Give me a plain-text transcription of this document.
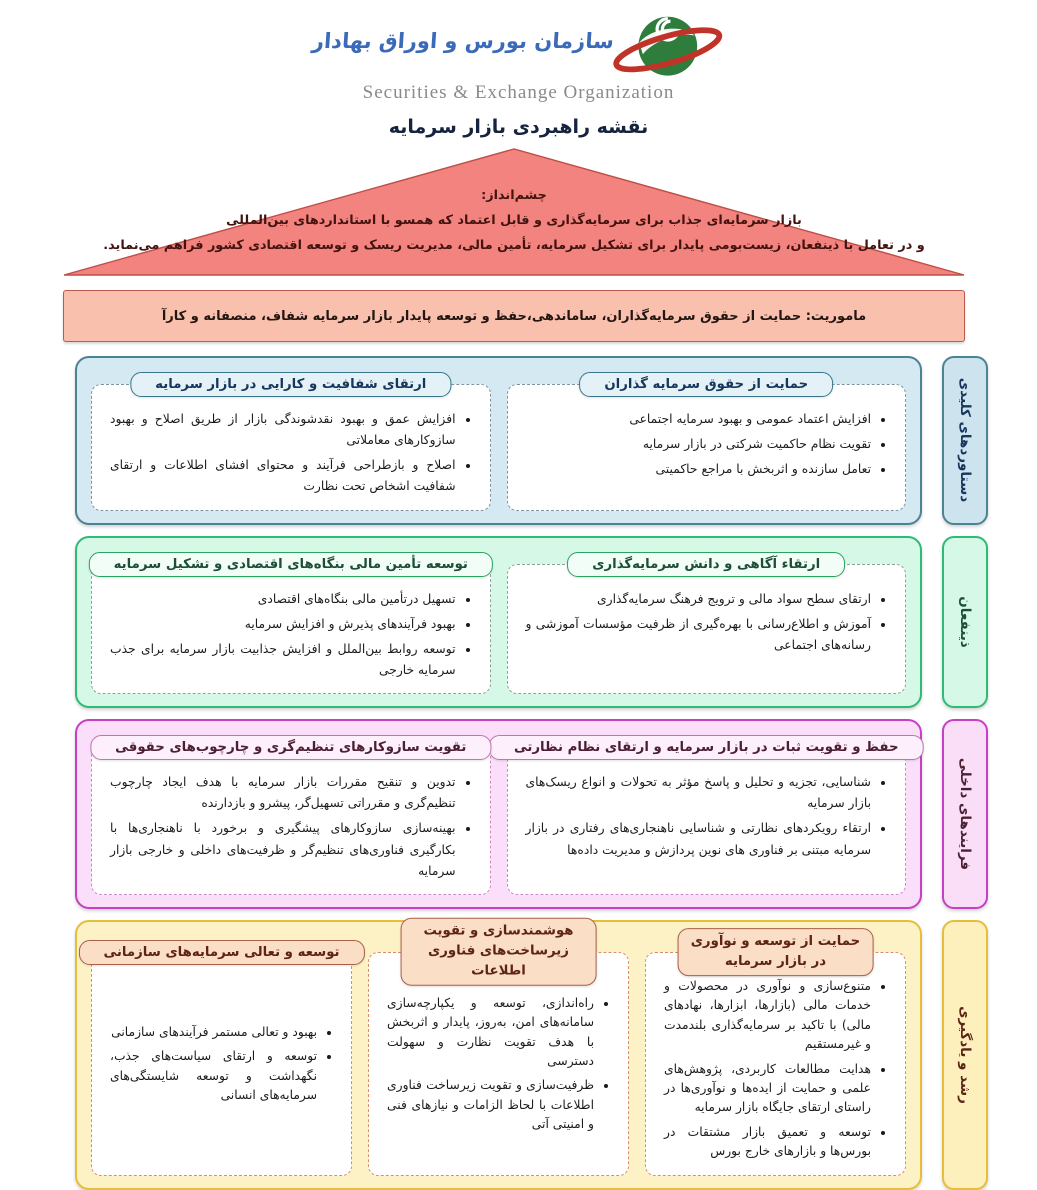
سازمان بورس و اوراق بهادار
Securities & Exchange Organization
نقشه راهبردی بازار سرمایه
چشم‌انداز:
بازار سرمایه‌ای جذاب برای سرمایه‌گذاری و قابل اعتماد که همسو با استانداردهای بین‌المللی
و در تعامل با ذینفعان، زیست‌بومی پایدار برای تشکیل سرمایه، تأمین مالی، مدیریت ریسک و توسعه اقتصادی کشور فراهم می‌نماید.
ماموریت: حمایت از حقوق سرمایه‌گذاران، ساماندهی،حفظ و توسعه پایدار بازار سرمایه شفاف، منصفانه و کارآ
دستاوردهای کلیدی
حمایت از حقوق سرمایه گذاران
• افزایش اعتماد عمومی و بهبود سرمایه اجتماعی
• تقویت نظام حاکمیت شرکتی در بازار سرمایه
• تعامل سازنده و اثربخش با مراجع حاکمیتی
ارتقای شفافیت و کارایی در بازار سرمایه
• افزایش عمق و بهبود نقدشوندگی بازار از طریق اصلاح و بهبود سازوکارهای معاملاتی
• اصلاح و بازطراحی فرآیند و محتوای افشای اطلاعات و ارتقای شفافیت اشخاص تحت نظارت
ذینفعان
ارتقاء آگاهی و دانش سرمایه‌گذاری
• ارتقای سطح سواد مالی و ترویج فرهنگ سرمایه‌گذاری
• آموزش و اطلاع‌رسانی با بهره‌گیری از ظرفیت مؤسسات آموزشی و رسانه‌های اجتماعی
توسعه تأمین مالی بنگاه‌های اقتصادی و تشکیل سرمایه
• تسهیل درتأمین مالی بنگاه‌های اقتصادی
• بهبود فرآیندهای پذیرش و افزایش سرمایه
• توسعه روابط بین‌الملل و افزایش جذابیت بازار سرمایه برای جذب سرمایه خارجی
فرایندهای داخلی
حفظ و تقویت ثبات در بازار سرمایه و ارتقای نظام نظارتی
• شناسایی، تجزیه و تحلیل و پاسخ مؤثر به تحولات و انواع ریسک‌های بازار سرمایه
• ارتقاء رویکردهای نظارتی و شناسایی ناهنجاری‌های رفتاری در بازار سرمایه مبتنی بر فناوری های نوین پردازش و مدیریت داده‌ها
تقویت سازوکارهای تنظیم‌گری و چارچوب‌های حقوقی
• تدوین و تنقیح مقررات بازار سرمایه با هدف ایجاد چارچوب تنظیم‌گری و مقرراتی تسهیل‌گر، پیشرو و بازدارنده
• بهینه‌سازی سازوکارهای پیشگیری و برخورد با ناهنجاری‌ها با بکارگیری فناوری‌های تنظیم‌گر و ظرفیت‌های داخلی و خارجی بازار سرمایه
رشد و یادگیری
حمایت از توسعه و نوآوری در بازار سرمایه
• متنوع‌سازی و نوآوری در محصولات و خدمات مالی (بازارها، ابزارها، نهادهای مالی) با تاکید بر سرمایه‌گذاری بلندمدت و غیرمستقیم
• هدایت مطالعات کاربردی، پژوهش‌های علمی و حمایت از ایده‌ها و نوآوری‌ها در راستای ارتقای جایگاه بازار سرمایه
• توسعه و تعمیق بازار مشتقات در بورس‌ها و بازارهای خارج بورس
هوشمندسازی و تقویت زیرساخت‌های فناوری اطلاعات
• راه‌اندازی، توسعه و یکپارچه‌سازی سامانه‌های امن، به‌روز، پایدار و اثربخش با هدف تقویت نظارت و سهولت دسترسی
• ظرفیت‌سازی و تقویت زیرساخت فناوری اطلاعات با لحاظ الزامات و نیازهای فنی و امنیتی آتی
توسعه و تعالی سرمایه‌های سازمانی
• بهبود و تعالی مستمر فرآیندهای سازمانی
• توسعه و ارتقای سیاست‌های جذب، نگهداشت و توسعه شایستگی‌های سرمایه‌های انسانی
